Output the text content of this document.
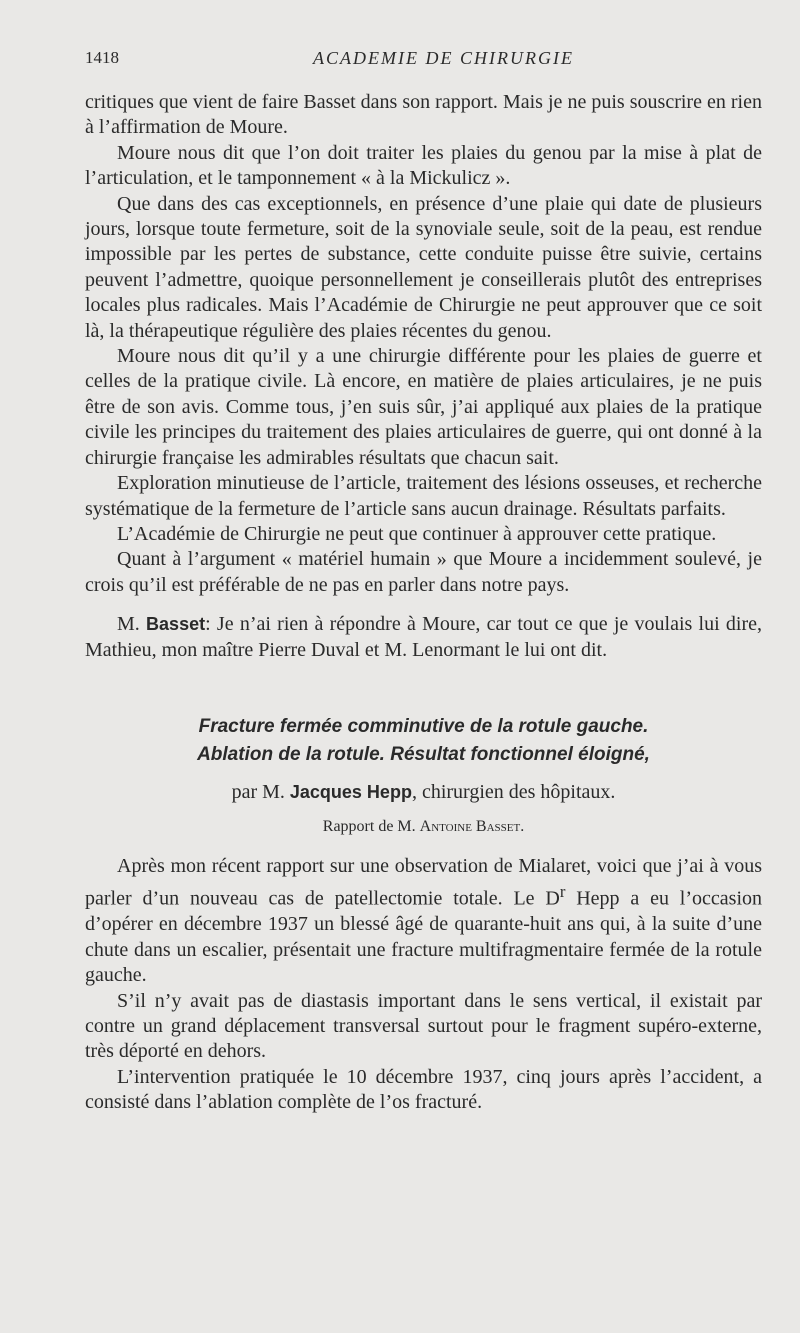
1418	ACADEMIE DE CHIRURGIE

critiques que vient de faire Basset dans son rapport. Mais je ne puis souscrire en rien à l’affirmation de Moure.

Moure nous dit que l’on doit traiter les plaies du genou par la mise à plat de l’articulation, et le tamponnement « à la Mickulicz ».

Que dans des cas exceptionnels, en présence d’une plaie qui date de plusieurs jours, lorsque toute fermeture, soit de la synoviale seule, soit de la peau, est rendue impossible par les pertes de substance, cette conduite puisse être suivie, certains peuvent l’admettre, quoique personnellement je conseillerais plutôt des entreprises locales plus radicales. Mais l’Académie de Chirurgie ne peut approuver que ce soit là, la thérapeutique régulière des plaies récentes du genou.

Moure nous dit qu’il y a une chirurgie différente pour les plaies de guerre et celles de la pratique civile. Là encore, en matière de plaies articulaires, je ne puis être de son avis. Comme tous, j’en suis sûr, j’ai appliqué aux plaies de la pratique civile les principes du traitement des plaies articulaires de guerre, qui ont donné à la chirurgie française les admirables résultats que chacun sait.

Exploration minutieuse de l’article, traitement des lésions osseuses, et recherche systématique de la fermeture de l’article sans aucun drainage. Résultats parfaits.

L’Académie de Chirurgie ne peut que continuer à approuver cette pratique.

Quant à l’argument « matériel humain » que Moure a incidemment soulevé, je crois qu’il est préférable de ne pas en parler dans notre pays.

M. Basset: Je n’ai rien à répondre à Moure, car tout ce que je voulais lui dire, Mathieu, mon maître Pierre Duval et M. Lenormant le lui ont dit.

Fracture fermée comminutive de la rotule gauche.
Ablation de la rotule. Résultat fonctionnel éloigné,
par M. Jacques Hepp, chirurgien des hôpitaux.
Rapport de M. Antoine Basset.

Après mon récent rapport sur une observation de Mialaret, voici que j’ai à vous parler d’un nouveau cas de patellectomie totale. Le $D^r$ Hepp a eu l’occasion d’opérer en décembre 1937 un blessé âgé de quarante-huit ans qui, à la suite d’une chute dans un escalier, présentait une fracture multifragmentaire fermée de la rotule gauche.

S’il n’y avait pas de diastasis important dans le sens vertical, il existait par contre un grand déplacement transversal surtout pour le fragment supéro-externe, très déporté en dehors.

L’intervention pratiquée le 10 décembre 1937, cinq jours après l’accident, a consisté dans l’ablation complète de l’os fracturé.
